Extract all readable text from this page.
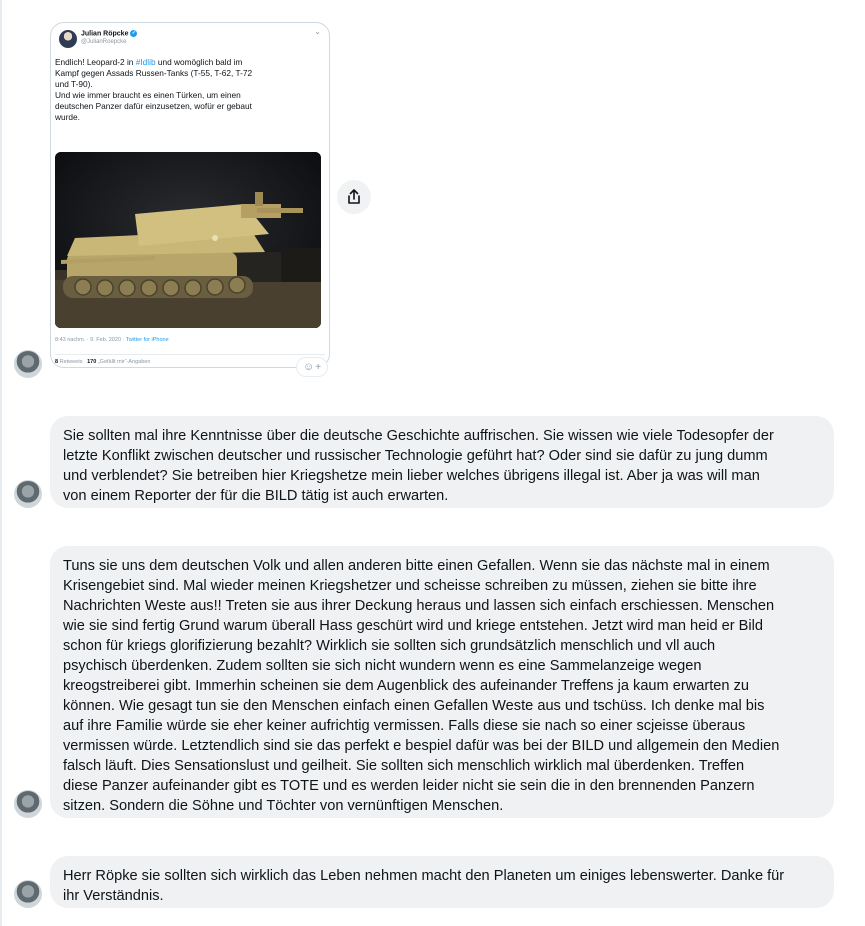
Julian Röpcke ✓
@JulianRoepcke
⌄

Endlich! Leopard-2 in #Idlib und womöglich bald im
Kampf gegen Assads Russen-Tanks (T-55, T-62, T-72
und T-90).
Und wie immer braucht es einen Türken, um einen
deutschen Panzer dafür einzusetzen, wofür er gebaut
wurde.

8:43 nachm. · 9. Feb. 2020 · Twitter for iPhone
8 Retweets 170 „Gefällt mir“-Angaben	☺ +

Sie sollten mal ihre Kenntnisse über die deutsche Geschichte auffrischen. Sie wissen wie viele Todesopfer der
letzte Konflikt zwischen deutscher und russischer Technologie geführt hat? Oder sind sie dafür zu jung dumm
und verblendet? Sie betreiben hier Kriegshetze mein lieber welches übrigens illegal ist. Aber ja was will man
von einem Reporter der für die BILD tätig ist auch erwarten.

Tuns sie uns dem deutschen Volk und allen anderen bitte einen Gefallen. Wenn sie das nächste mal in einem
Krisengebiet sind. Mal wieder meinen Kriegshetzer und scheisse schreiben zu müssen, ziehen sie bitte ihre
Nachrichten Weste aus!! Treten sie aus ihrer Deckung heraus und lassen sich einfach erschiessen. Menschen
wie sie sind fertig Grund warum überall Hass geschürt wird und kriege entstehen. Jetzt wird man heid er Bild
schon für kriegs glorifizierung bezahlt? Wirklich sie sollten sich grundsätzlich menschlich und vll auch
psychisch überdenken. Zudem sollten sie sich nicht wundern wenn es eine Sammelanzeige wegen
kreogstreiberei gibt. Immerhin scheinen sie dem Augenblick des aufeinander Treffens ja kaum erwarten zu
können. Wie gesagt tun sie den Menschen einfach einen Gefallen Weste aus und tschüss. Ich denke mal bis
auf ihre Familie würde sie eher keiner aufrichtig vermissen. Falls diese sie nach so einer scjeisse überaus
vermissen würde. Letztendlich sind sie das perfekt e bespiel dafür was bei der BILD und allgemein den Medien
falsch läuft. Dies Sensationslust und geilheit. Sie sollten sich menschlich wirklich mal überdenken. Treffen
diese Panzer aufeinander gibt es TOTE und es werden leider nicht sie sein die in den brennenden Panzern
sitzen. Sondern die Söhne und Töchter von vernünftigen Menschen.

Herr Röpke sie sollten sich wirklich das Leben nehmen macht den Planeten um einiges lebenswerter. Danke für
ihr Verständnis.
